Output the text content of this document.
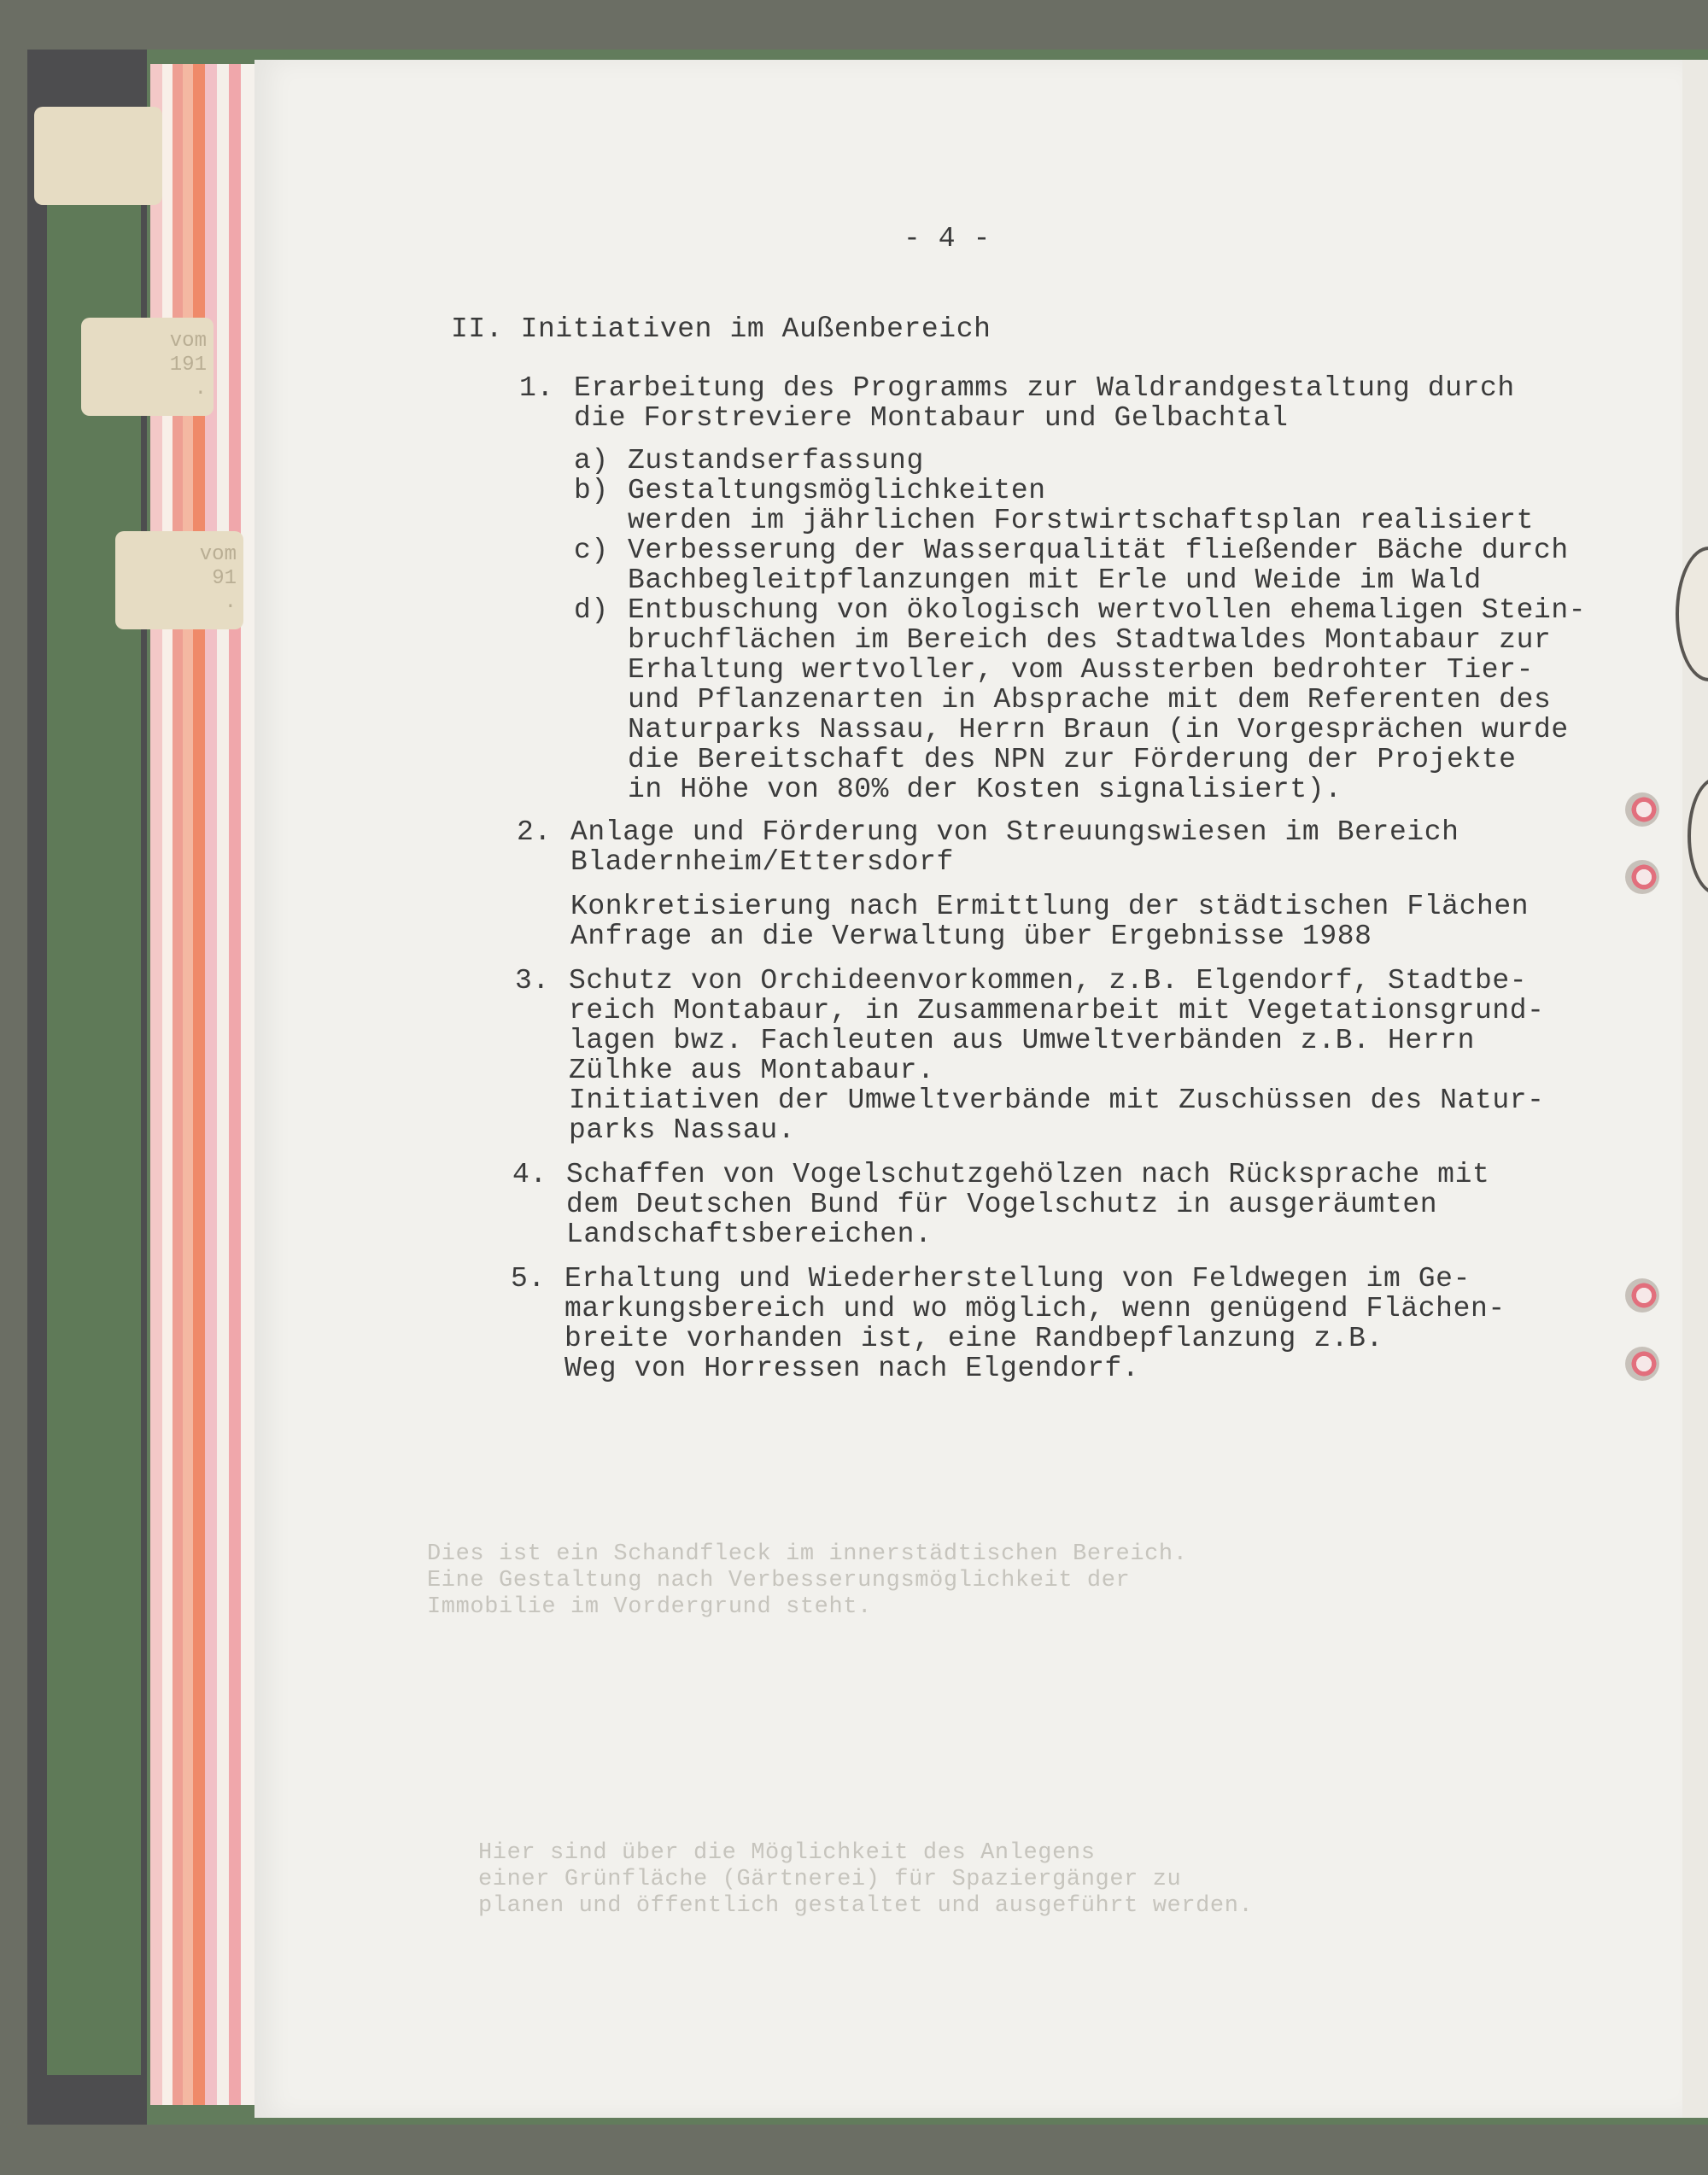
vom
191
.
vom
91
.
Dies ist ein Schandfleck im innerstädtischen Bereich.
Eine Gestaltung nach Verbesserungsmöglichkeit der
Immobilie im Vordergrund steht.
Hier sind über die Möglichkeit des Anlegens
einer Grünfläche (Gärtnerei) für Spaziergänger zu
planen und öffentlich gestaltet und ausgeführt werden.
- 4 -
II. Initiativen im Außenbereich
1. Erarbeitung des Programms zur Waldrandgestaltung durch
die Forstreviere Montabaur und Gelbachtal
a) Zustandserfassung
b) Gestaltungsmöglichkeiten
werden im jährlichen Forstwirtschaftsplan realisiert
c) Verbesserung der Wasserqualität fließender Bäche durch
Bachbegleitpflanzungen mit Erle und Weide im Wald
d) Entbuschung von ökologisch wertvollen ehemaligen Stein-
bruchflächen im Bereich des Stadtwaldes Montabaur zur
Erhaltung wertvoller, vom Aussterben bedrohter Tier-
und Pflanzenarten in Absprache mit dem Referenten des
Naturparks Nassau, Herrn Braun (in Vorgesprächen wurde
die Bereitschaft des NPN zur Förderung der Projekte
in Höhe von 80% der Kosten signalisiert).
2. Anlage und Förderung von Streuungswiesen im Bereich
Bladernheim/Ettersdorf
Konkretisierung nach Ermittlung der städtischen Flächen
Anfrage an die Verwaltung über Ergebnisse 1988
3. Schutz von Orchideenvorkommen, z.B. Elgendorf, Stadtbe-
reich Montabaur, in Zusammenarbeit mit Vegetationsgrund-
lagen bwz. Fachleuten aus Umweltverbänden z.B. Herrn
Zülhke aus Montabaur.
Initiativen der Umweltverbände mit Zuschüssen des Natur-
parks Nassau.
4. Schaffen von Vogelschutzgehölzen nach Rücksprache mit
dem Deutschen Bund für Vogelschutz in ausgeräumten
Landschaftsbereichen.
5. Erhaltung und Wiederherstellung von Feldwegen im Ge-
markungsbereich und wo möglich, wenn genügend Flächen-
breite vorhanden ist, eine Randbepflanzung z.B.
Weg von Horressen nach Elgendorf.
